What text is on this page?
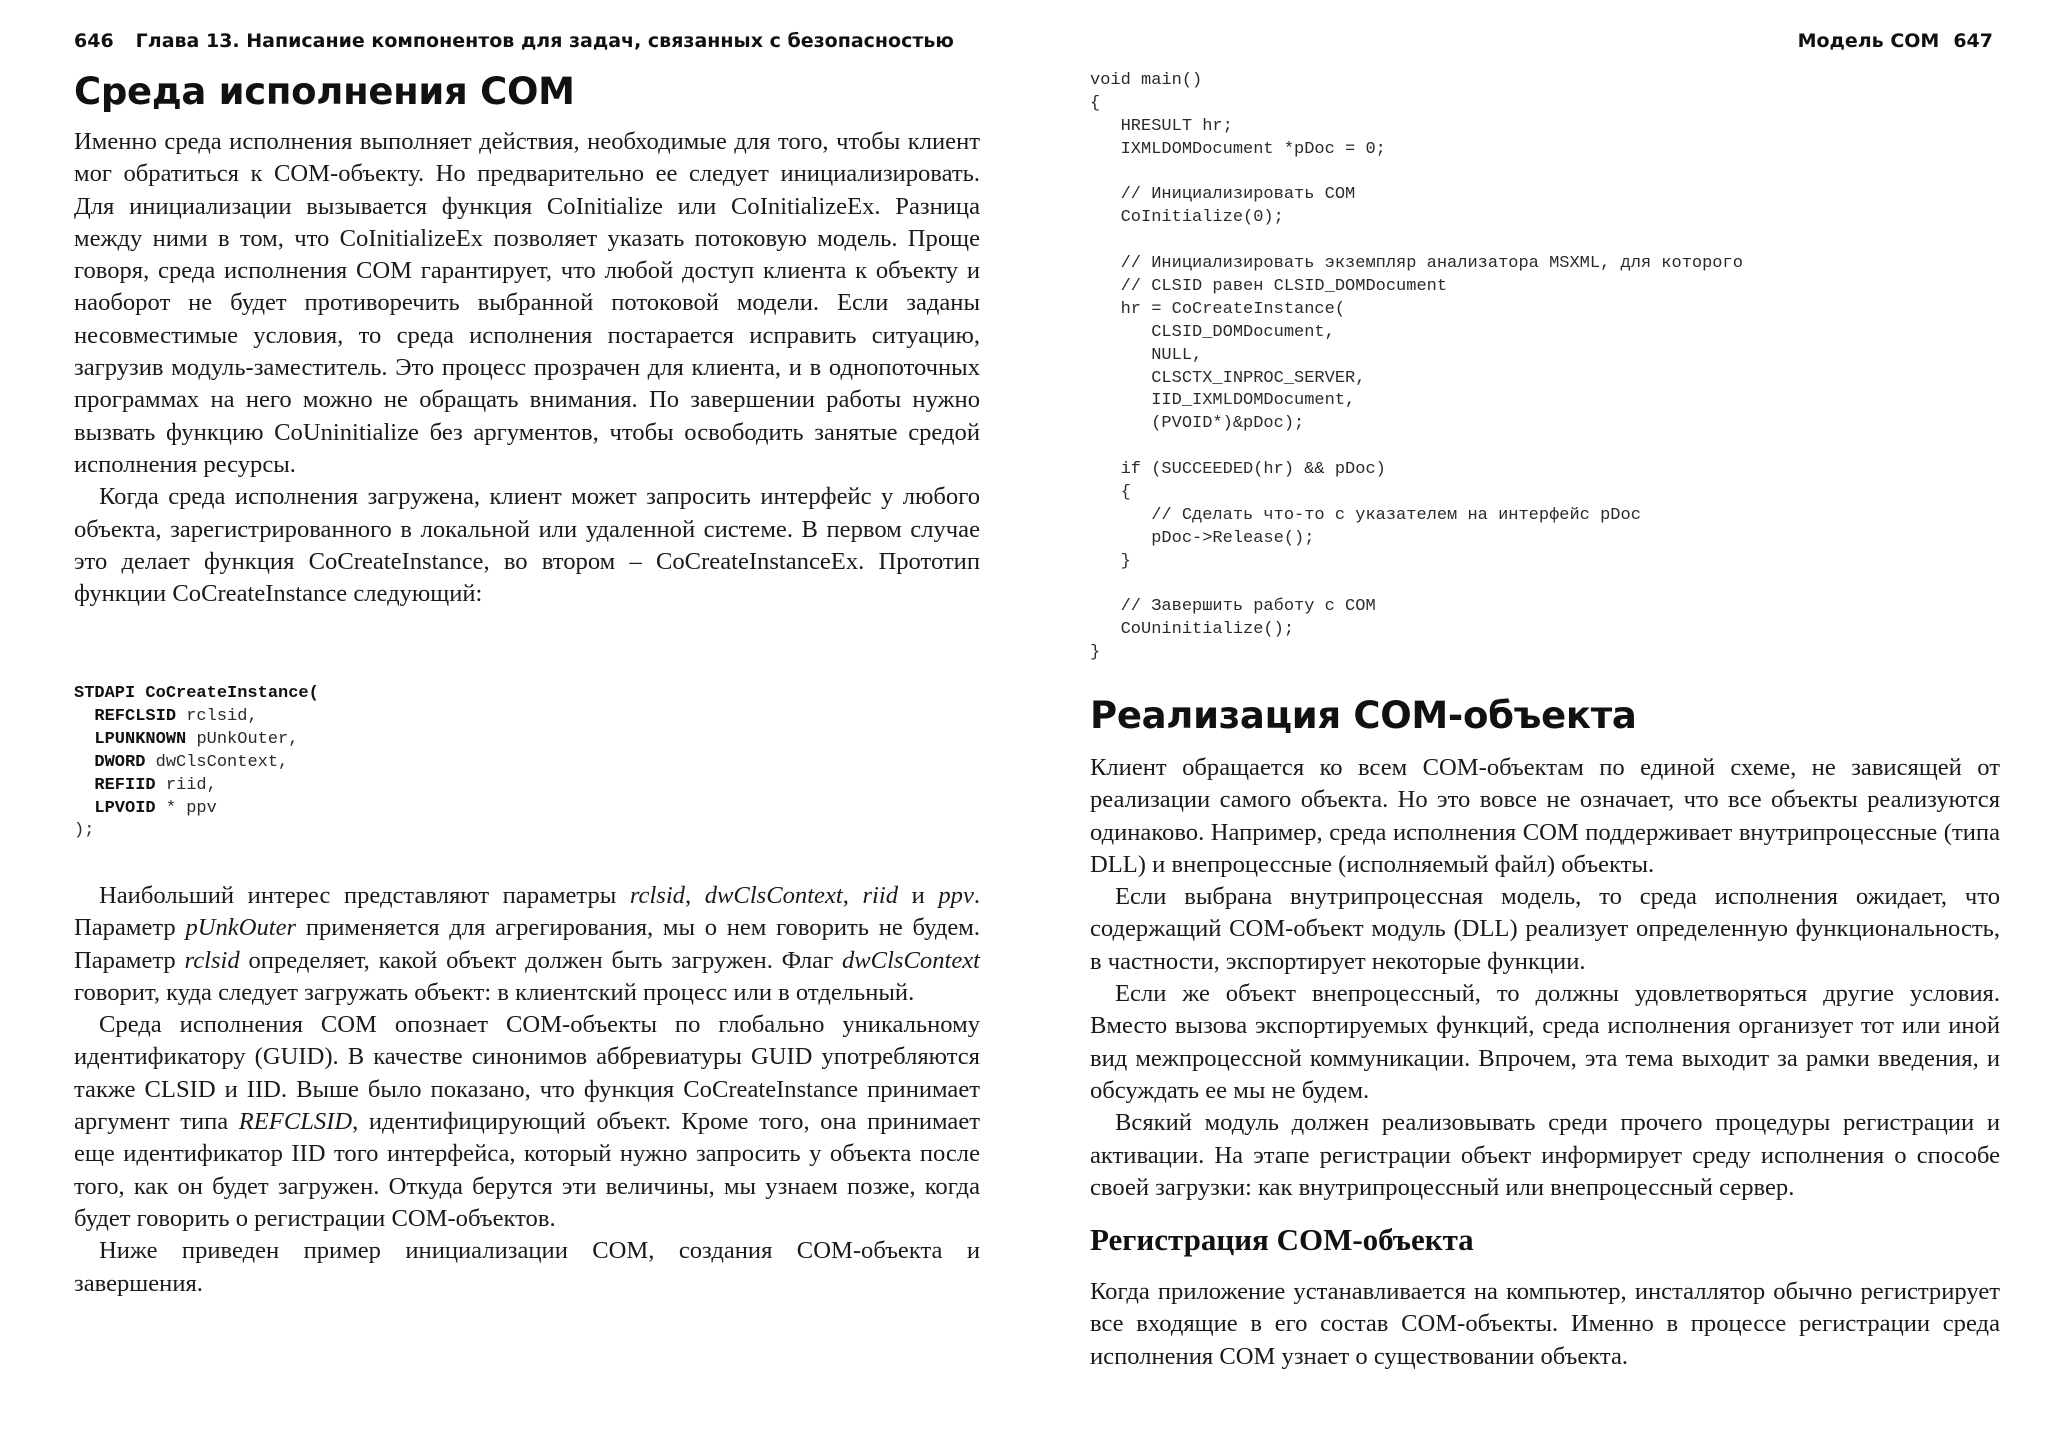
646 Глава 13. Написание компонентов для задач, связанных с безопасностью
Среда исполнения COM

Именно среда исполнения выполняет действия, необходимые для того, чтобы клиент мог обратиться к COM-объекту. Но предварительно ее следует инициализировать. Для инициализации вызывается функция CoInitialize или CoInitializeEx. Разница между ними в том, что CoInitializeEx позволяет указать потоковую модель. Проще говоря, среда исполнения COM гарантирует, что любой доступ клиента к объекту и наоборот не будет противоречить выбранной потоковой модели. Если заданы несовместимые условия, то среда исполнения постарается исправить ситуацию, загрузив модуль-заместитель. Это процесс прозрачен для клиента, и в однопоточных программах на него можно не обращать внимания. По завершении работы нужно вызвать функцию CoUninitialize без аргументов, чтобы освободить занятые средой исполнения ресурсы.

Когда среда исполнения загружена, клиент может запросить интерфейс у любого объекта, зарегистрированного в локальной или удаленной системе. В первом случае это делает функция CoCreateInstance, во втором – CoCreateInstanceEx. Прототип функции CoCreateInstance следующий:

STDAPI CoCreateInstance(
REFCLSID rclsid,
LPUNKNOWN pUnkOuter,
DWORD dwClsContext,
REFIID riid,
LPVOID * ppv
);

Наибольший интерес представляют параметры rclsid, dwClsContext, riid и ppv. Параметр pUnkOuter применяется для агрегирования, мы о нем говорить не будем. Параметр rclsid определяет, какой объект должен быть загружен. Флаг dwClsContext говорит, куда следует загружать объект: в клиентский процесс или в отдельный.

Среда исполнения COM опознает COM-объекты по глобально уникальному идентификатору (GUID). В качестве синонимов аббревиатуры GUID употребляются также CLSID и IID. Выше было показано, что функция CoCreateInstance принимает аргумент типа REFCLSID, идентифицирующий объект. Кроме того, она принимает еще идентификатор IID того интерфейса, который нужно запросить у объекта после того, как он будет загружен. Откуда берутся эти величины, мы узнаем позже, когда будет говорить о регистрации COM-объектов.

Ниже приведен пример инициализации COM, создания COM-объекта и завершения.

Модель COM 647
void main()
{
HRESULT hr;
IXMLDOMDocument *pDoc = 0;
// Инициализировать COM
CoInitialize(0);
// Инициализировать экземпляр анализатора MSXML, для которого
// CLSID равен CLSID_DOMDocument
hr = CoCreateInstance(
CLSID_DOMDocument,
NULL,
CLSCTX_INPROC_SERVER,
IID_IXMLDOMDocument,
(PVOID*)&pDoc);
if (SUCCEEDED(hr) && pDoc)
{
// Сделать что-то с указателем на интерфейс pDoc
pDoc->Release();
}
// Завершить работу с COM
CoUninitialize();
}
Реализация COM-объекта

Клиент обращается ко всем COM-объектам по единой схеме, не зависящей от реализации самого объекта. Но это вовсе не означает, что все объекты реализуются одинаково. Например, среда исполнения COM поддерживает внутрипроцессные (типа DLL) и внепроцессные (исполняемый файл) объекты.

Если выбрана внутрипроцессная модель, то среда исполнения ожидает, что содержащий COM-объект модуль (DLL) реализует определенную функциональность, в частности, экспортирует некоторые функции.

Если же объект внепроцессный, то должны удовлетворяться другие условия. Вместо вызова экспортируемых функций, среда исполнения организует тот или иной вид межпроцессной коммуникации. Впрочем, эта тема выходит за рамки введения, и обсуждать ее мы не будем.

Всякий модуль должен реализовывать среди прочего процедуры регистрации и активации. На этапе регистрации объект информирует среду исполнения о способе своей загрузки: как внутрипроцессный или внепроцессный сервер.

Регистрация COM-объекта

Когда приложение устанавливается на компьютер, инсталлятор обычно регистрирует все входящие в его состав COM-объекты. Именно в процессе регистрации среда исполнения COM узнает о существовании объекта.
